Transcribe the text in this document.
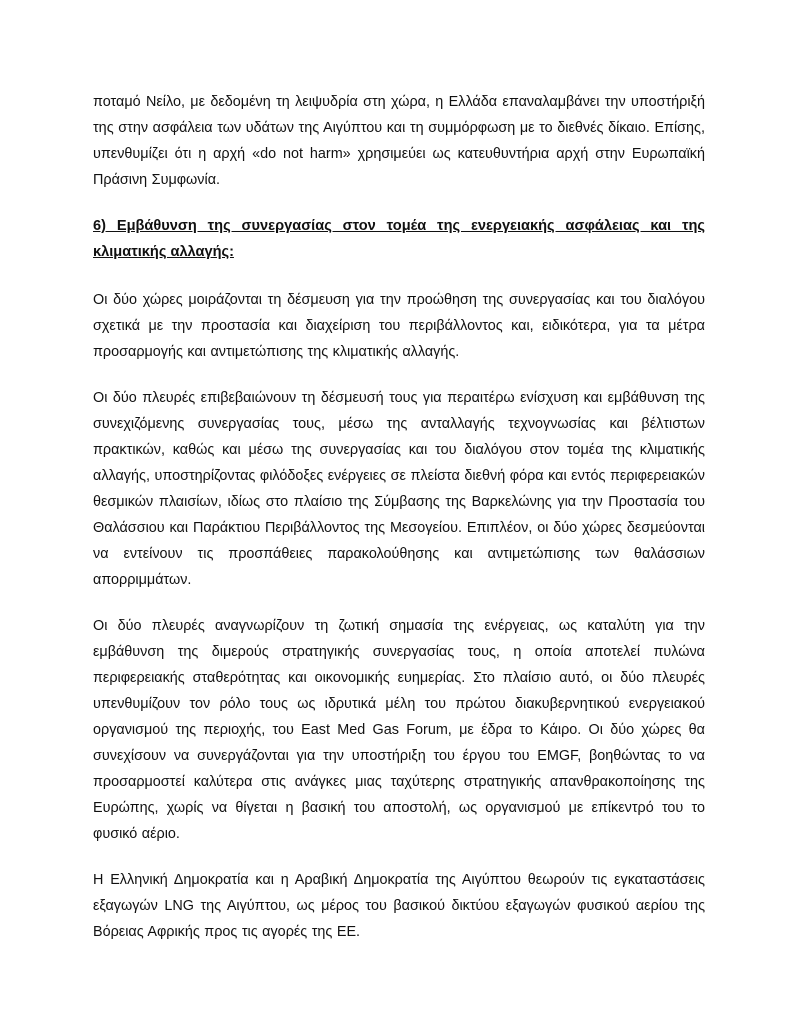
ποταμό Νείλο, με δεδομένη τη λειψυδρία στη χώρα, η Ελλάδα επαναλαμβάνει την υποστήριξή της στην ασφάλεια των υδάτων της Αιγύπτου και τη συμμόρφωση με το διεθνές δίκαιο. Επίσης, υπενθυμίζει ότι η αρχή «do not harm» χρησιμεύει ως κατευθυντήρια αρχή στην Ευρωπαϊκή Πράσινη Συμφωνία.

6) Εμβάθυνση της συνεργασίας στον τομέα της ενεργειακής ασφάλειας και της κλιματικής αλλαγής:

Οι δύο χώρες μοιράζονται τη δέσμευση για την προώθηση της συνεργασίας και του διαλόγου σχετικά με την προστασία και διαχείριση του περιβάλλοντος και, ειδικότερα, για τα μέτρα προσαρμογής και αντιμετώπισης της κλιματικής αλλαγής.

Οι δύο πλευρές επιβεβαιώνουν τη δέσμευσή τους για περαιτέρω ενίσχυση και εμβάθυνση της συνεχιζόμενης συνεργασίας τους, μέσω της ανταλλαγής τεχνογνωσίας και βέλτιστων πρακτικών, καθώς και μέσω της συνεργασίας και του διαλόγου στον τομέα της κλιματικής αλλαγής, υποστηρίζοντας φιλόδοξες ενέργειες σε πλείστα διεθνή φόρα και εντός περιφερειακών θεσμικών πλαισίων, ιδίως στο πλαίσιο της Σύμβασης της Βαρκελώνης για την Προστασία του Θαλάσσιου και Παράκτιου Περιβάλλοντος της Μεσογείου. Επιπλέον, οι δύο χώρες δεσμεύονται να εντείνουν τις προσπάθειες παρακολούθησης και αντιμετώπισης των θαλάσσιων απορριμμάτων.

Οι δύο πλευρές αναγνωρίζουν τη ζωτική σημασία της ενέργειας, ως καταλύτη για την εμβάθυνση της διμερούς στρατηγικής συνεργασίας τους, η οποία αποτελεί πυλώνα περιφερειακής σταθερότητας και οικονομικής ευημερίας. Στο πλαίσιο αυτό, οι δύο πλευρές υπενθυμίζουν τον ρόλο τους ως ιδρυτικά μέλη του πρώτου διακυβερνητικού ενεργειακού οργανισμού της περιοχής, του East Med Gas Forum, με έδρα το Κάιρο. Οι δύο χώρες θα συνεχίσουν να συνεργάζονται για την υποστήριξη του έργου του EMGF, βοηθώντας το να προσαρμοστεί καλύτερα στις ανάγκες μιας ταχύτερης στρατηγικής απανθρακοποίησης της Ευρώπης, χωρίς να θίγεται η βασική του αποστολή, ως οργανισμού με επίκεντρό του το φυσικό αέριο.

Η Ελληνική Δημοκρατία και η Αραβική Δημοκρατία της Αιγύπτου θεωρούν τις εγκαταστάσεις εξαγωγών LNG της Αιγύπτου, ως μέρος του βασικού δικτύου εξαγωγών φυσικού αερίου της Βόρειας Αφρικής προς τις αγορές της ΕΕ.
